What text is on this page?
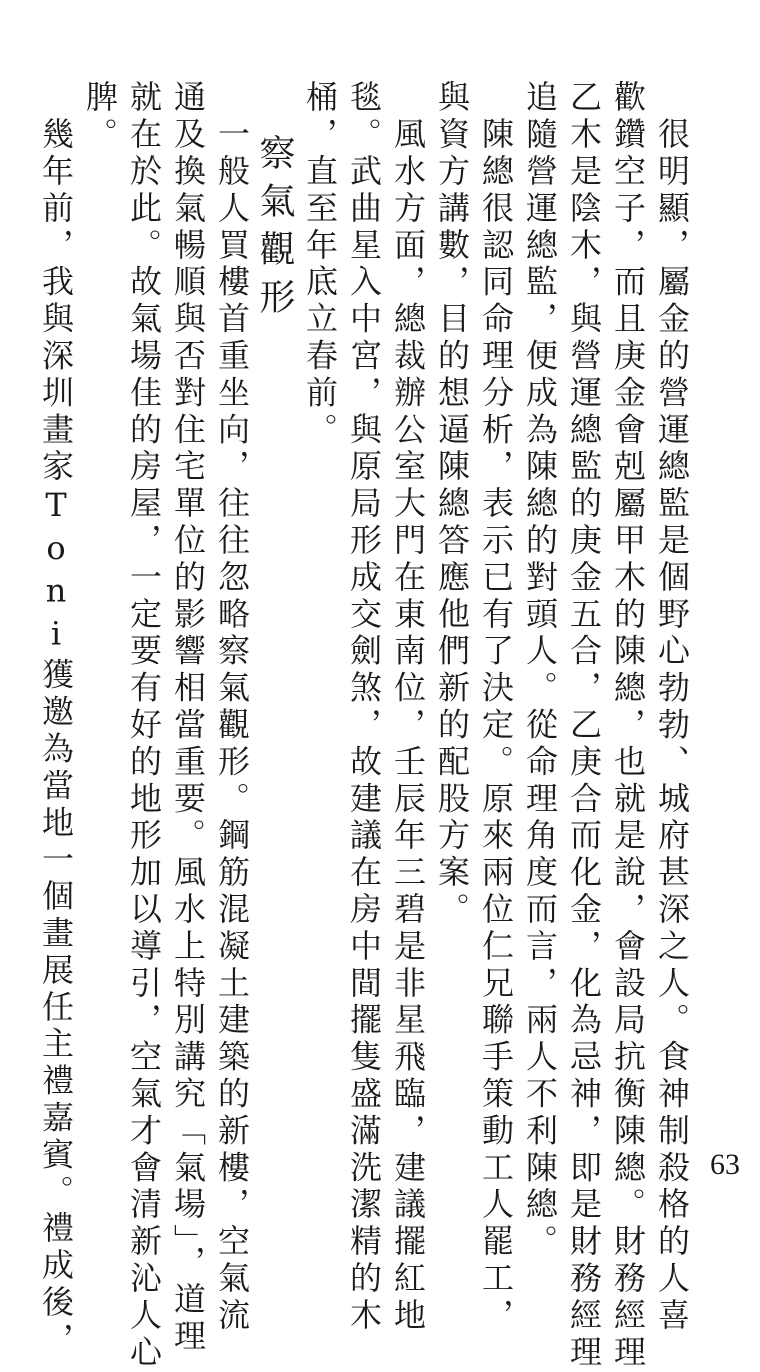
　很明顯，屬金的營運總監是個野心勃勃、城府甚深之人。食神制殺格的人喜
歡鑽空子，而且庚金會剋屬甲木的陳總，也就是說，會設局抗衡陳總。財務經理
乙木是陰木，與營運總監的庚金五合，乙庚合而化金，化為忌神，即是財務經理
追隨營運總監，便成為陳總的對頭人。從命理角度而言，兩人不利陳總。
　陳總很認同命理分析，表示已有了決定。原來兩位仁兄聯手策動工人罷工，
與資方講數，目的想逼陳總答應他們新的配股方案。
　風水方面，總裁辦公室大門在東南位，壬辰年三碧是非星飛臨，建議擺紅地
毯。武曲星入中宮，與原局形成交劍煞，故建議在房中間擺隻盛滿洗潔精的木
桶，直至年底立春前。
察氣觀形
　一般人買樓首重坐向，往往忽略察氣觀形。鋼筋混凝土建築的新樓，空氣流
通及換氣暢順與否對住宅單位的影響相當重要。風水上特別講究「氣場」，道理
就在於此。故氣場佳的房屋，一定要有好的地形加以導引，空氣才會清新沁人心
脾。
　幾年前，我與深圳畫家Toni獲邀為當地一個畫展任主禮嘉賓。禮成後，	63
